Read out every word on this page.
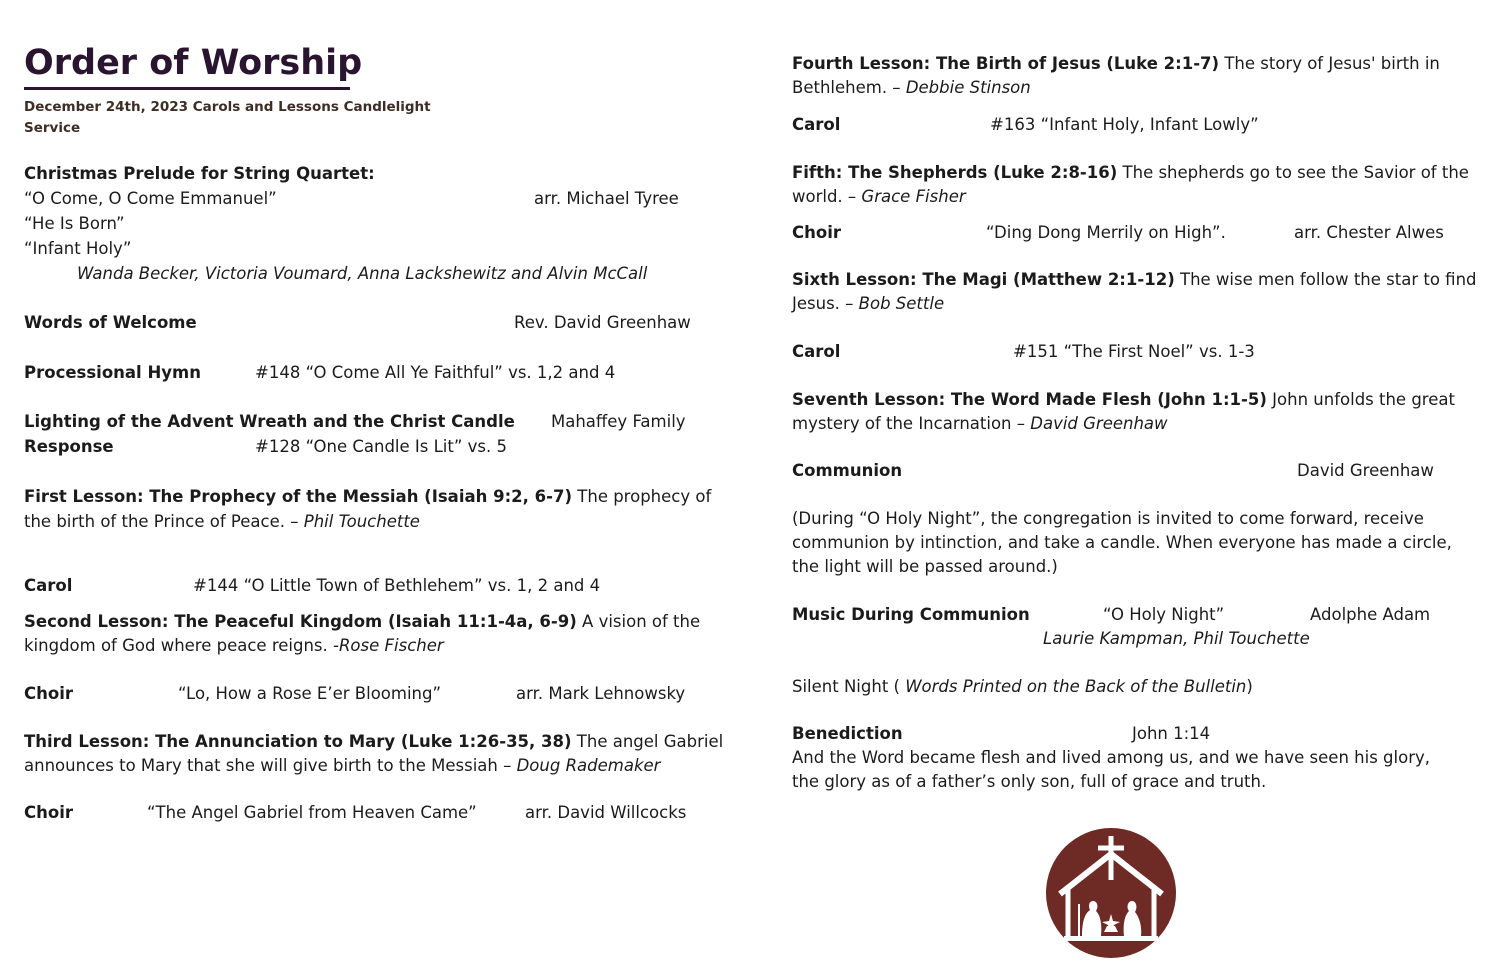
Order of Worship
December 24th, 2023 Carols and Lessons Candlelight
Service
Christmas Prelude for String Quartet:
“O Come, O Come Emmanuel”	arr. Michael Tyree
“He Is Born”
“Infant Holy”
Wanda Becker, Victoria Voumard, Anna Lackshewitz and Alvin McCall
Words of Welcome	Rev. David Greenhaw
Processional Hymn	#148 “O Come All Ye Faithful” vs. 1,2 and 4
Lighting of the Advent Wreath and the Christ Candle Mahaffey Family
Response	#128 “One Candle Is Lit” vs. 5
First Lesson: The Prophecy of the Messiah (Isaiah 9:2, 6-7) The prophecy of
the birth of the Prince of Peace. – Phil Touchette
Carol	#144 “O Little Town of Bethlehem” vs. 1, 2 and 4
Second Lesson: The Peaceful Kingdom (Isaiah 11:1-4a, 6-9) A vision of the
kingdom of God where peace reigns. -Rose Fischer
Choir	“Lo, How a Rose E’er Blooming”	arr. Mark Lehnowsky
Third Lesson: The Annunciation to Mary (Luke 1:26-35, 38) The angel Gabriel
announces to Mary that she will give birth to the Messiah – Doug Rademaker
Choir	“The Angel Gabriel from Heaven Came”	arr. David Willcocks
Fourth Lesson: The Birth of Jesus (Luke 2:1-7) The story of Jesus' birth in
Bethlehem. – Debbie Stinson
Carol	#163 “Infant Holy, Infant Lowly”
Fifth: The Shepherds (Luke 2:8-16) The shepherds go to see the Savior of the
world. – Grace Fisher
Choir	“Ding Dong Merrily on High”.	arr. Chester Alwes
Sixth Lesson: The Magi (Matthew 2:1-12) The wise men follow the star to find
Jesus. – Bob Settle
Carol	#151 “The First Noel” vs. 1-3
Seventh Lesson: The Word Made Flesh (John 1:1-5) John unfolds the great
mystery of the Incarnation – David Greenhaw
Communion	David Greenhaw
(During “O Holy Night”, the congregation is invited to come forward, receive
communion by intinction, and take a candle. When everyone has made a circle,
the light will be passed around.)
Music During Communion	“O Holy Night”	Adolphe Adam
Laurie Kampman, Phil Touchette
Silent Night ( Words Printed on the Back of the Bulletin)
Benediction	John 1:14
And the Word became flesh and lived among us, and we have seen his glory,
the glory as of a father’s only son, full of grace and truth.
